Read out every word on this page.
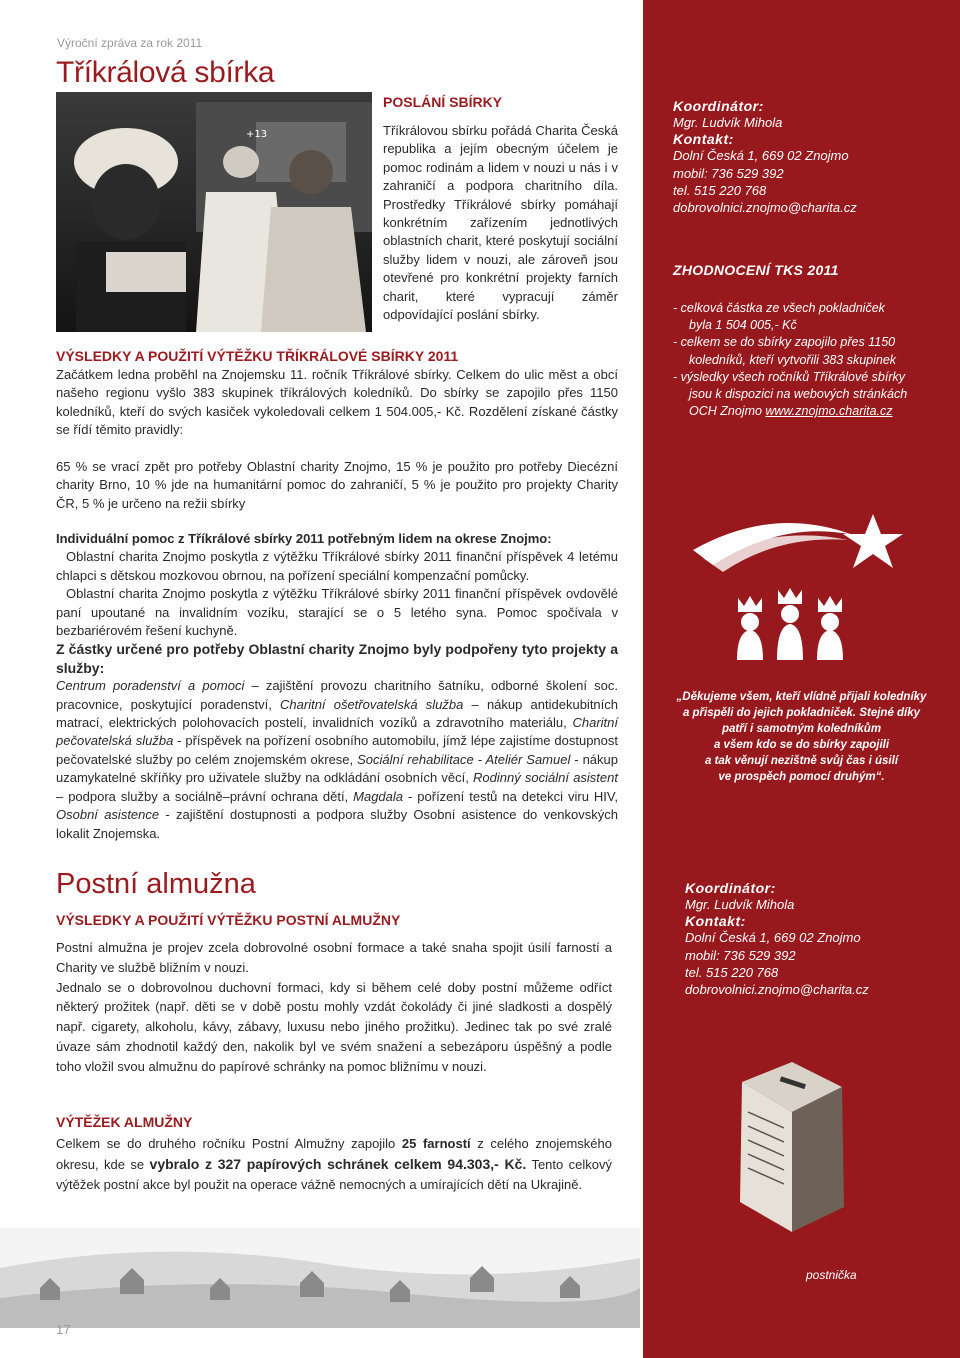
Výroční zpráva za rok 2011
Tříkrálová sbírka
+13
POSLÁNÍ SBÍRKY
Tříkrálovou sbírku pořádá Charita Česká republika a jejím obecným účelem je pomoc rodinám a lidem v nouzi u nás i v zahraničí a podpora charitního díla. Prostředky Tříkrálové sbírky pomáhají konkrétním zařízením jednotlivých oblastních charit, které poskytují sociální služby lidem v nouzi, ale zároveň jsou otevřené pro konkrétní projekty farních charit, které vypracují záměr odpovídající poslání sbírky.
VÝSLEDKY A POUŽITÍ VÝTĚŽKU TŘÍKRÁLOVÉ SBÍRKY 2011
Začátkem ledna proběhl na Znojemsku 11. ročník Tříkrálové sbírky. Celkem do ulic měst a obcí našeho regionu vyšlo 383 skupinek tříkrálových koledníků. Do sbírky se zapojilo přes 1150 koledníků, kteří do svých kasiček vykoledovali celkem 1 504.005,- Kč. Rozdělení získané částky se řídí těmito pravidly:
65 % se vrací zpět pro potřeby Oblastní charity Znojmo, 15 % je použito pro potřeby Diecézní charity Brno, 10 % jde na humanitární pomoc do zahraničí, 5 % je použito pro projekty Charity ČR, 5 % je určeno na režii sbírky

Individuální pomoc z Tříkrálové sbírky 2011 potřebným lidem na okrese Znojmo:

Oblastní charita Znojmo poskytla z výtěžku Tříkrálové sbírky 2011 finanční příspěvek 4 letému chlapci s dětskou mozkovou obrnou, na pořízení speciální kompenzační pomůcky.

Oblastní charita Znojmo poskytla z výtěžku Tříkrálové sbírky 2011 finanční příspěvek ovdovělé paní upoutané na invalidním vozíku, starající se o 5 letého syna. Pomoc spočívala v bezbariérovém řešení kuchyně.

Z částky určené pro potřeby Oblastní charity Znojmo byly podpořeny tyto projekty a služby:

Centrum poradenství a pomoci – zajištění provozu charitního šatníku, odborné školení soc. pracovnice, poskytující poradenství, Charitní ošetřovatelská služba – nákup antidekubitních matrací, elektrických polohovacích postelí, invalidních vozíků a zdravotního materiálu, Charitní pečovatelská služba - příspěvek na pořízení osobního automobilu, jímž lépe zajistíme dostupnost pečovatelské služby po celém znojemském okrese, Sociální rehabilitace - Ateliér Samuel - nákup uzamykatelné skříňky pro uživatele služby na odkládání osobních věcí, Rodinný sociální asistent – podpora služby a sociálně–právní ochrana dětí, Magdala - pořízení testů na detekci viru HIV, Osobní asistence - zajištění dostupnosti a podpora služby Osobní asistence do venkovských lokalit Znojemska.

Postní almužna
VÝSLEDKY A POUŽITÍ VÝTĚŽKU POSTNÍ ALMUŽNY

Postní almužna je projev zcela dobrovolné osobní formace a také snaha spojit úsilí farností a Charity ve službě bližním v nouzi.

Jednalo se o dobrovolnou duchovní formaci, kdy si během celé doby postní můžeme odříct některý prožitek (např. děti se v době postu mohly vzdát čokolády či jiné sladkosti a dospělý např. cigarety, alkoholu, kávy, zábavy, luxusu nebo jiného prožitku). Jedinec tak po své zralé úvaze sám zhodnotil každý den, nakolik byl ve svém snažení a sebezáporu úspěšný a podle toho vložil svou almužnu do papírové schránky na pomoc bližnímu v nouzi.

VÝTĚŽEK ALMUŽNY
Celkem se do druhého ročníku Postní Almužny zapojilo 25 farností z celého znojemského okresu, kde se vybralo z 327 papírových schránek celkem 94.303,- Kč. Tento celkový výtěžek postní akce byl použit na operace vážně nemocných a umírajících dětí na Ukrajině.
17
Koordinátor:
Mgr. Ludvík Mihola
Kontakt:
Dolní Česká 1, 669 02 Znojmo
mobil: 736 529 392
tel. 515 220 768
dobrovolnici.znojmo@charita.cz
ZHODNOCENÍ TKS 2011
- celková částka ze všech pokladniček
byla 1 504 005,- Kč
- celkem se do sbírky zapojilo přes 1150
koledníků, kteří vytvořili 383 skupinek
- výsledky všech ročníků Tříkrálové sbírky
jsou k dispozici na webových stránkách
OCH Znojmo www.znojmo.charita.cz
„Děkujeme všem, kteří vlídně přijali koledníky
a přispěli do jejich pokladniček. Stejné díky
patří i samotným koledníkům
a všem kdo se do sbírky zapojili
a tak věnují nezištně svůj čas i úsilí
ve prospěch pomocí druhým“.
Koordinátor:
Mgr. Ludvík Mihola
Kontakt:
Dolní Česká 1, 669 02 Znojmo
mobil: 736 529 392
tel. 515 220 768
dobrovolnici.znojmo@charita.cz
postnička
